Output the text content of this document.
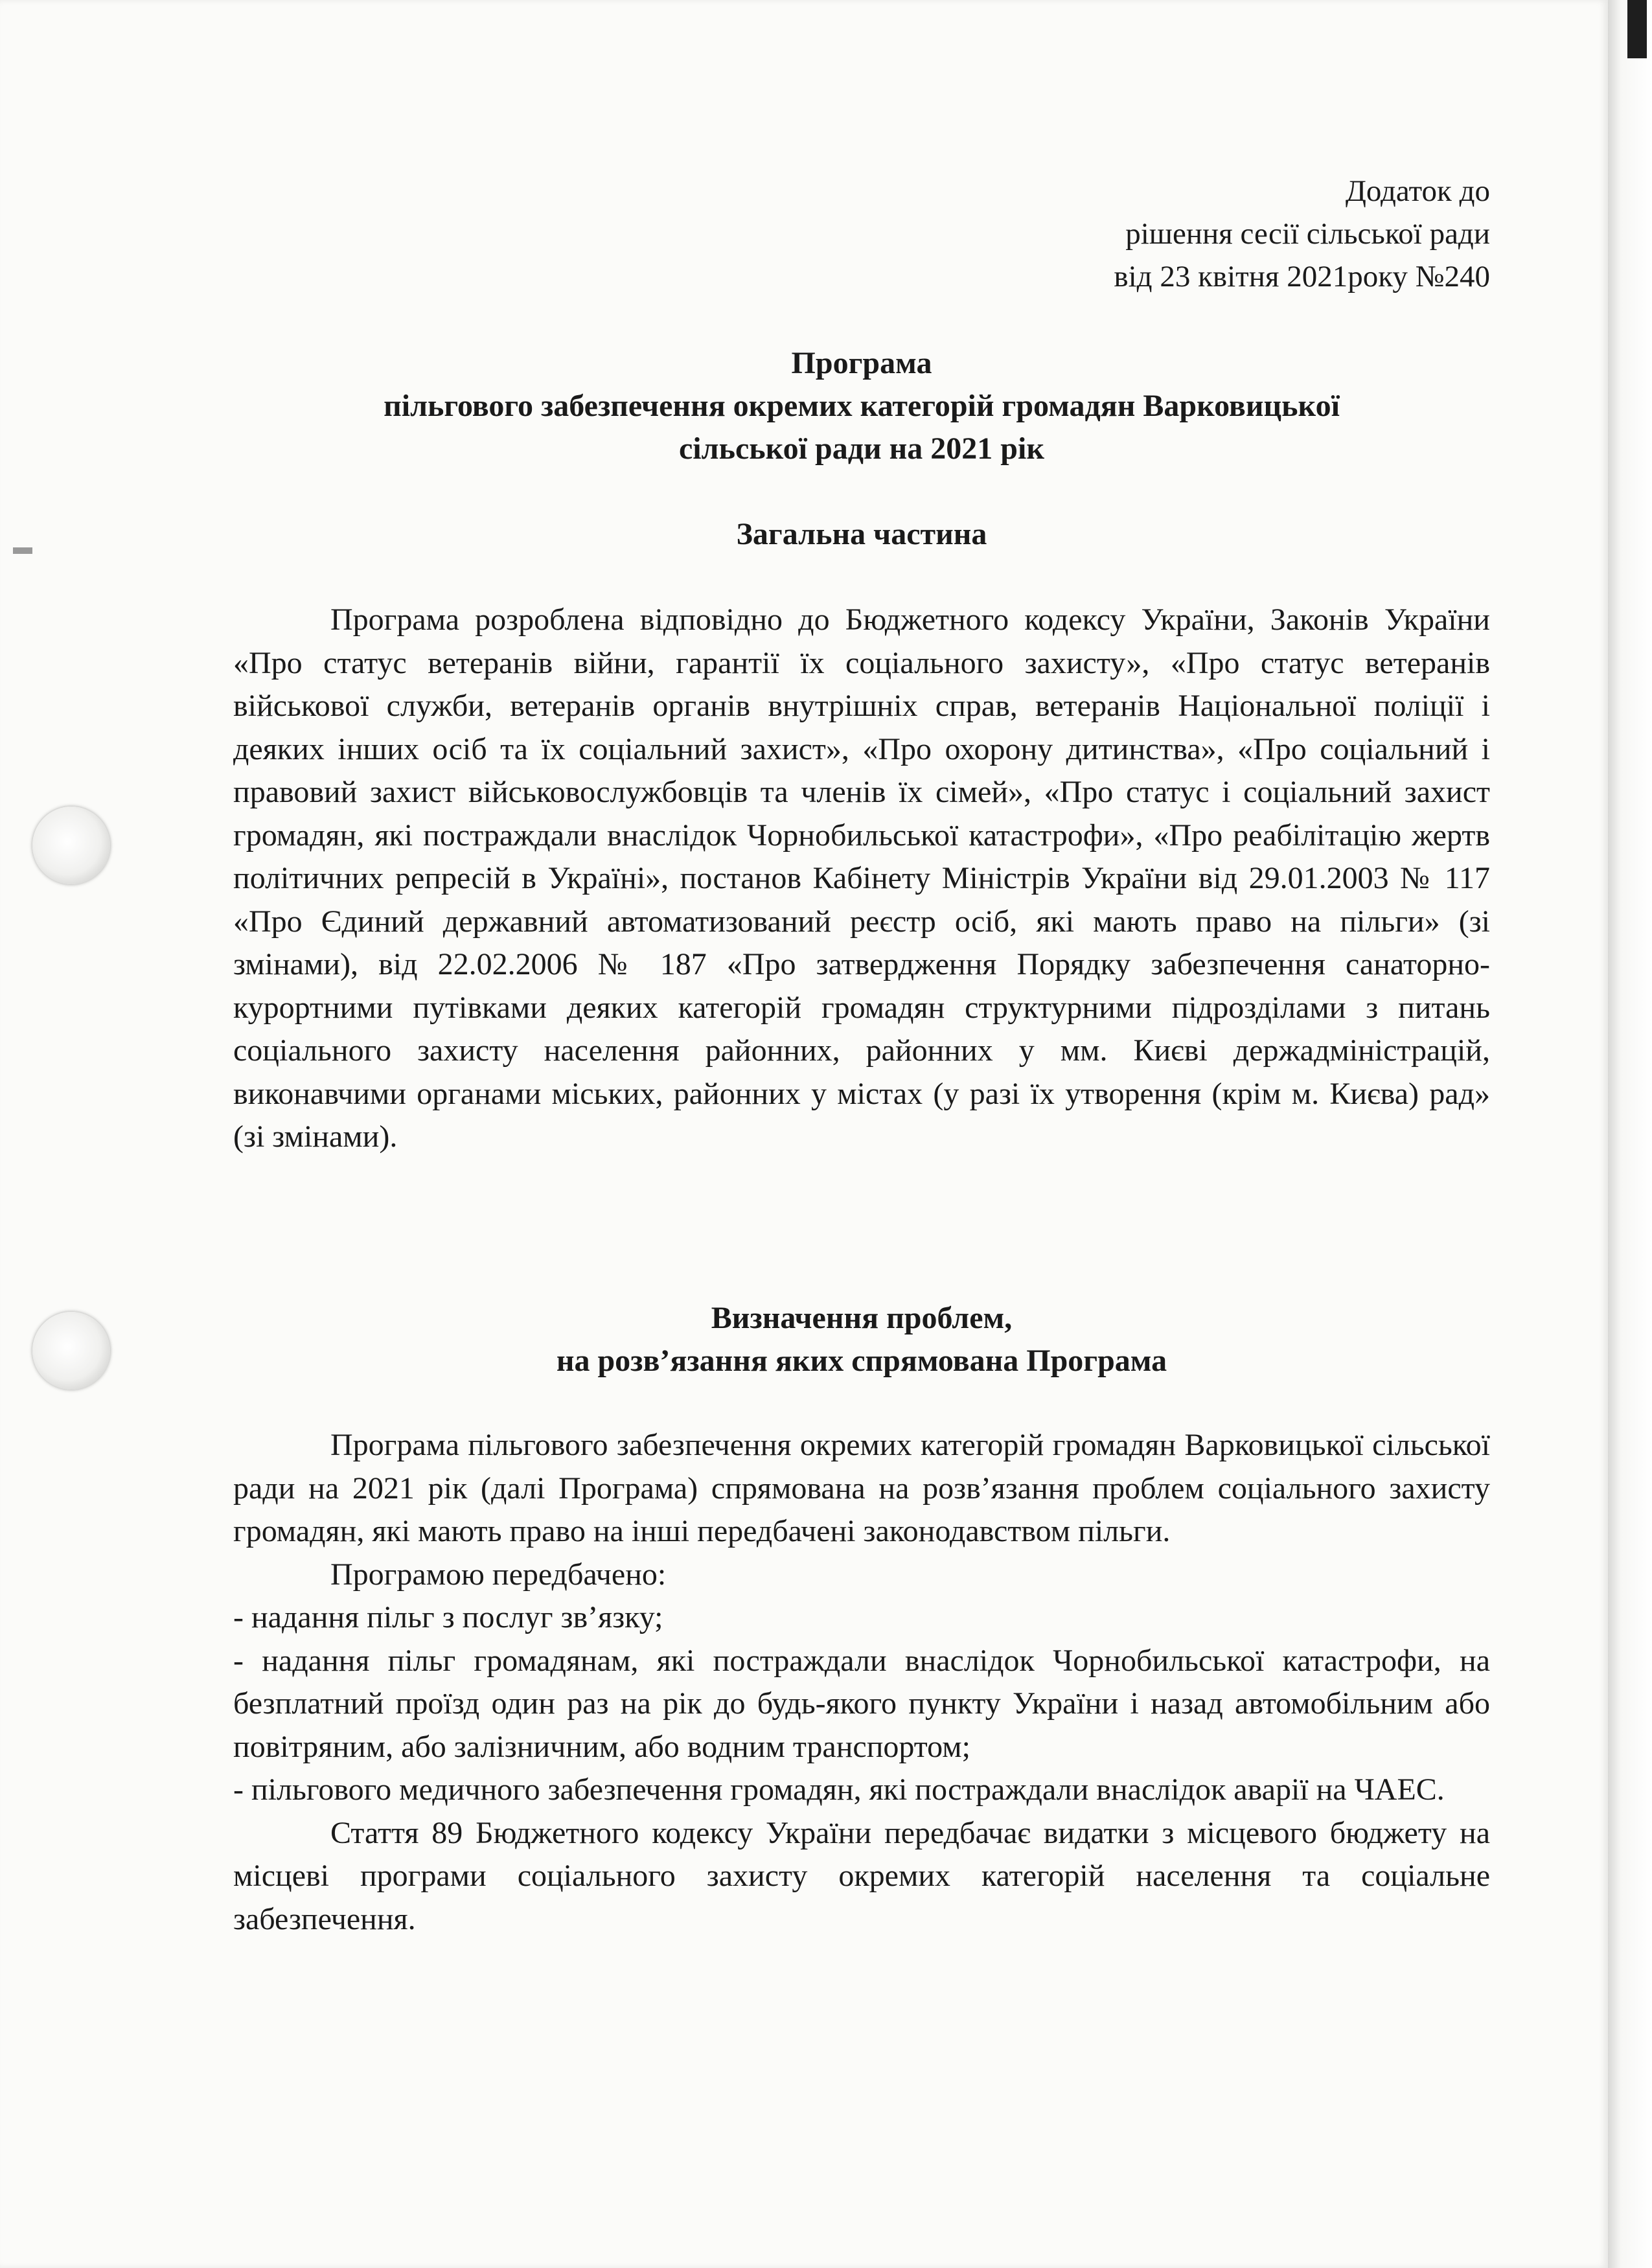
Додаток до
рішення сесії сільської ради
від 23 квітня 2021року №240
Програма
пільгового забезпечення окремих категорій громадян Варковицької
сільської ради на 2021 рік
Загальна частина

Програма розроблена відповідно до Бюджетного кодексу України, Законів України «Про статус ветеранів війни, гарантії їх соціального захисту», «Про статус ветеранів військової служби, ветеранів органів внутрішніх справ, ветеранів Національної поліції і деяких інших осіб та їх соціальний захист», «Про охорону дитинства», «Про соціальний і правовий захист військовослужбовців та членів їх сімей», «Про статус і соціальний захист громадян, які постраждали внаслідок Чорнобильської катастрофи», «Про реабілітацію жертв політичних репресій в Україні», постанов Кабінету Міністрів України від 29.01.2003 № 117 «Про Єдиний державний автоматизований реєстр осіб, які мають право на пільги» (зі змінами), від 22.02.2006 № 187 «Про затвердження Порядку забезпечення санаторно-курортними путівками деяких категорій громадян структурними підрозділами з питань соціального захисту населення районних, районних у мм. Києві держадміністрацій, виконавчими органами міських, районних у містах (у разі їх утворення (крім м. Києва) рад» (зі змінами).

Визначення проблем,
на розв’язання яких спрямована Програма

Програма пільгового забезпечення окремих категорій громадян Варковицької сільської ради на 2021 рік (далі Програма) спрямована на розв’язання проблем соціального захисту громадян, які мають право на інші передбачені законодавством пільги.

Програмою передбачено:

- надання пільг з послуг зв’язку;

- надання пільг громадянам, які постраждали внаслідок Чорнобильської катастрофи, на безплатний проїзд один раз на рік до будь-якого пункту України і назад автомобільним або повітряним, або залізничним, або водним транспортом;

- пільгового медичного забезпечення громадян, які постраждали внаслідок аварії на ЧАЕС.

Стаття 89 Бюджетного кодексу України передбачає видатки з місцевого бюджету на місцеві програми соціального захисту окремих категорій населення та соціальне забезпечення.
